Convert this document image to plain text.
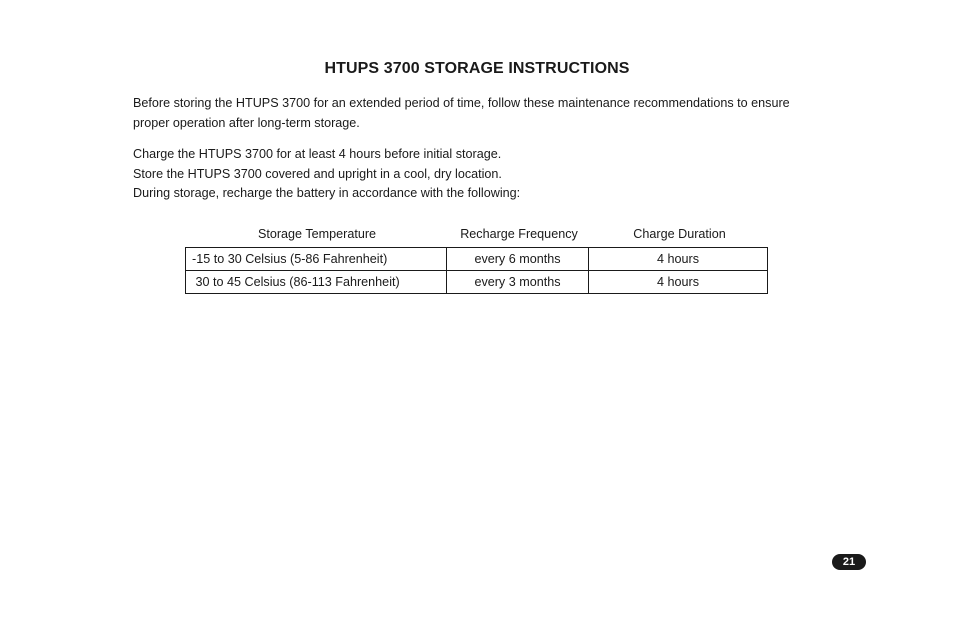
HTUPS 3700 STORAGE INSTRUCTIONS
Before storing the HTUPS 3700 for an extended period of time, follow these maintenance recommendations to ensure
proper operation after long-term storage.
Charge the HTUPS 3700 for at least 4 hours before initial storage.
Store the HTUPS 3700 covered and upright in a cool, dry location.
During storage, recharge the battery in accordance with the following:
Storage Temperature	Recharge Frequency	Charge Duration
-15 to 30 Celsius (5-86 Fahrenheit)	every 6 months	4 hours
30 to 45 Celsius (86-113 Fahrenheit)	every 3 months	4 hours
21
